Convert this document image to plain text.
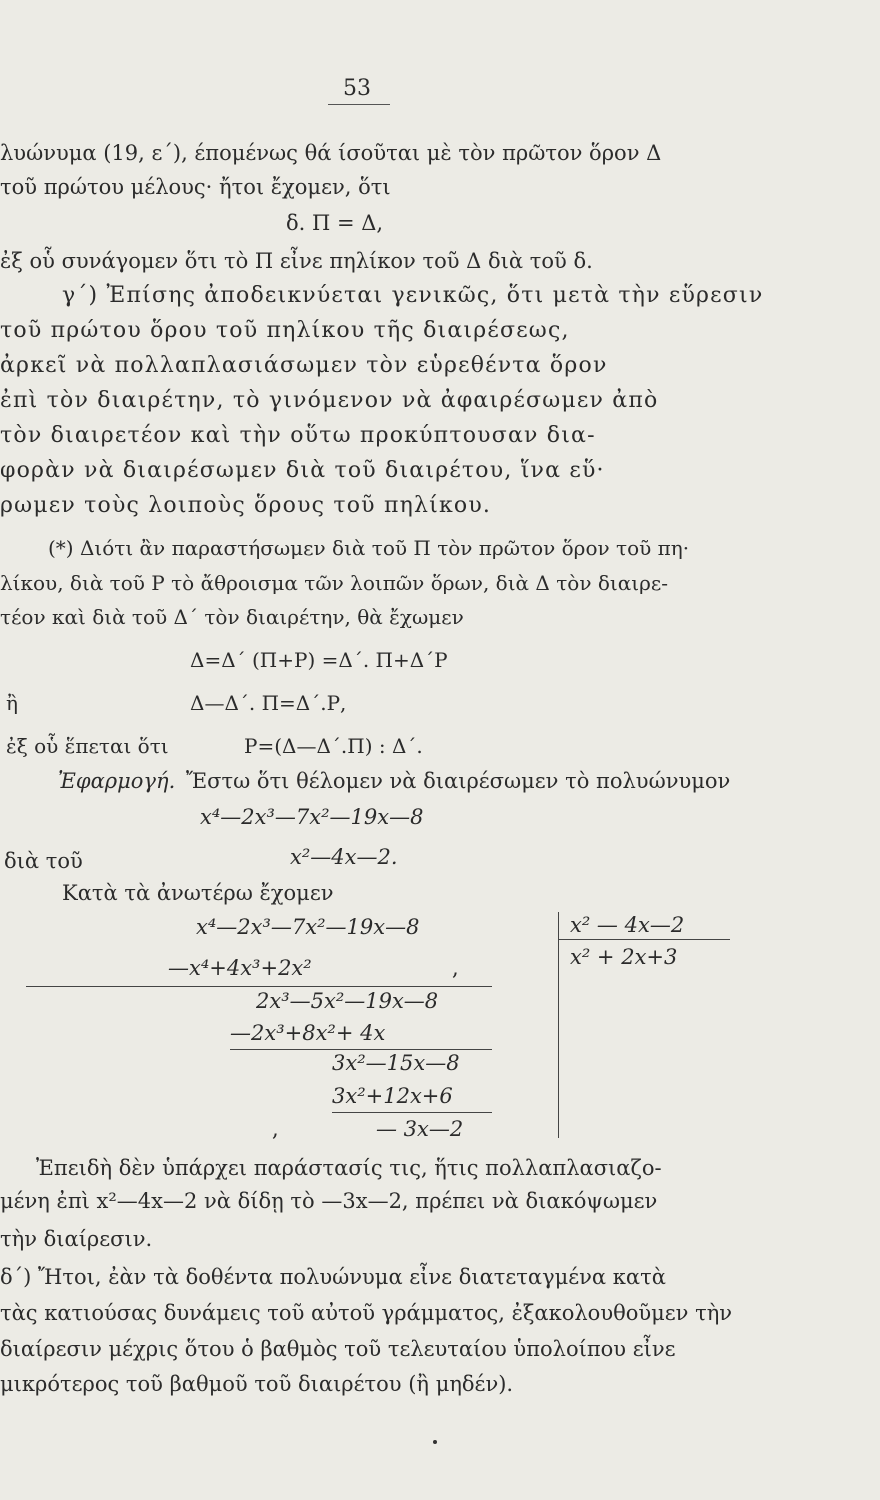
53
λυώνυμα (19, ε΄), έπομένως θά ίσοῦται μὲ τὸν πρῶτον ὅρον Δ
τοῦ πρώτου μέλους· ἤτοι ἔχομεν, ὅτι
δ. Π = Δ,
ἐξ οὗ συνάγομεν ὅτι τὸ Π εἶνε πηλίκον τοῦ Δ διὰ τοῦ δ.
γ΄) Ἐπίσης ἀποδεικνύεται γενικῶς, ὅτι μετὰ τὴν εὕρεσιν
τοῦ πρώτου ὅρου τοῦ πηλίκου τῆς διαιρέσεως,
ἀρκεῖ νὰ πολλαπλασιάσωμεν τὸν εὑρεθέντα ὅρον
ἐπὶ τὸν διαιρέτην, τὸ γινόμενον νὰ ἀφαιρέσωμεν ἀπὸ
τὸν διαιρετέον καὶ τὴν οὕτω προκύπτουσαν δια-
φορὰν νὰ διαιρέσωμεν διὰ τοῦ διαιρέτου, ἵνα εὕ·
ρωμεν τοὺς λοιποὺς ὅρους τοῦ πηλίκου.
(*) Διότι ἂν παραστήσωμεν διὰ τοῦ Π τὸν πρῶτον ὅρον τοῦ πη·
λίκου, διὰ τοῦ Ρ τὸ ἄθροισμα τῶν λοιπῶν ὅρων, διὰ Δ τὸν διαιρε-
τέον καὶ διὰ τοῦ Δ΄ τὸν διαιρέτην, θὰ ἔχωμεν
Δ=Δ΄ (Π+Ρ) =Δ΄. Π+Δ΄Ρ
ἢ	Δ—Δ΄. Π=Δ΄.Ρ,
ἐξ οὗ ἕπεται ὅτι	Ρ=(Δ—Δ΄.Π) : Δ΄.
Ἐφαρμογή. Ἔστω ὅτι θέλομεν νὰ διαιρέσωμεν τὸ πολυώνυμον
x⁴—2x³—7x²—19x—8
διὰ τοῦ	x²—4x—2.
Κατὰ τὰ ἀνωτέρω ἔχομεν
x⁴—2x³—7x²—19x—8
—x⁴+4x³+2x²	,
2x³—5x²—19x—8
—2x³+8x²+ 4x
3x²—15x—8
3x²+12x+6
,	— 3x—2
x² — 4x—2
x² + 2x+3
Ἐπειδὴ δὲν ὑπάρχει παράστασίς τις, ἥτις πολλαπλασιαζο-
μένη ἐπὶ x²—4x—2 νὰ δίδῃ τὸ —3x—2, πρέπει νὰ διακόψωμεν
τὴν διαίρεσιν.
δ΄) Ἤτοι, ἐὰν τὰ δοθέντα πολυώνυμα εἶνε διατεταγμένα κατὰ
τὰς κατιούσας δυνάμεις τοῦ αὐτοῦ γράμματος, ἐξακολουθοῦμεν τὴν
διαίρεσιν μέχρις ὅτου ὁ βαθμὸς τοῦ τελευταίου ὑπολοίπου εἶνε
μικρότερος τοῦ βαθμοῦ τοῦ διαιρέτου (ἢ μηδέν).
